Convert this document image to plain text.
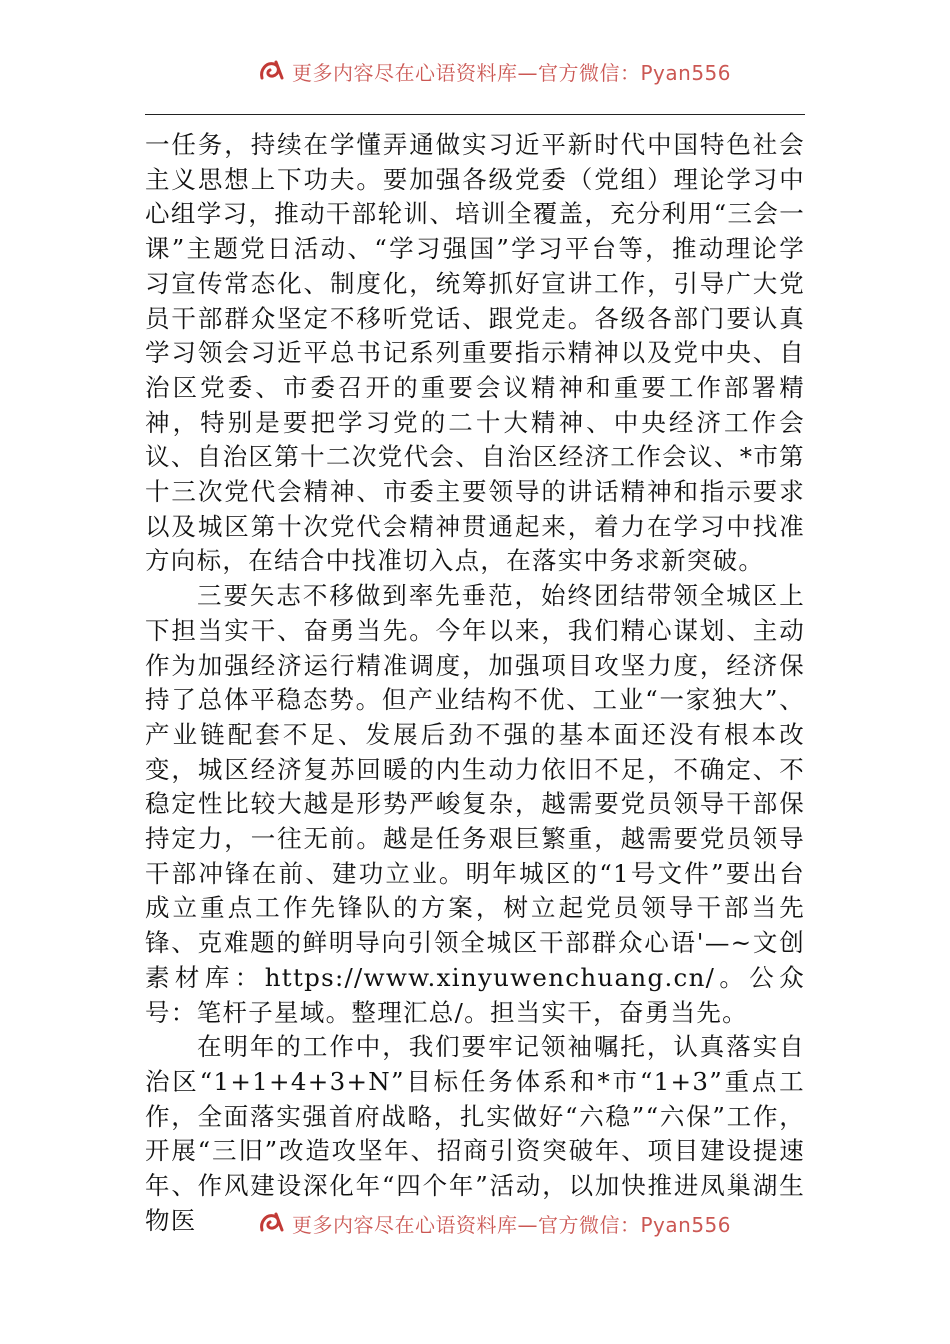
更多内容尽在心语资料库—官方微信：Pyan556

一任务，持续在学懂弄通做实习近平新时代中国特色社会主义思想上下功夫。要加强各级党委（党组）理论学习中心组学习，推动干部轮训、培训全覆盖，充分利用“三会一课”主题党日活动、“学习强国”学习平台等，推动理论学习宣传常态化、制度化，统筹抓好宣讲工作，引导广大党员干部群众坚定不移听党话、跟党走。各级各部门要认真学习领会习近平总书记系列重要指示精神以及党中央、自治区党委、市委召开的重要会议精神和重要工作部署精神，特别是要把学习党的二十大精神、中央经济工作会议、自治区第十二次党代会、自治区经济工作会议、*市第十三次党代会精神、市委主要领导的讲话精神和指示要求以及城区第十次党代会精神贯通起来，着力在学习中找准方向标，在结合中找准切入点，在落实中务求新突破。

三要矢志不移做到率先垂范，始终团结带领全城区上下担当实干、奋勇当先。今年以来，我们精心谋划、主动作为加强经济运行精准调度，加强项目攻坚力度，经济保持了总体平稳态势。但产业结构不优、工业“一家独大”、产业链配套不足、发展后劲不强的基本面还没有根本改变，城区经济复苏回暖的内生动力依旧不足，不确定、不稳定性比较大越是形势严峻复杂，越需要党员领导干部保持定力，一往无前。越是任务艰巨繁重，越需要党员领导干部冲锋在前、建功立业。明年城区的“1号文件”要出台成立重点工作先锋队的方案，树立起党员领导干部当先锋、克难题的鲜明导向引领全城区干部群众心语'—~文创素材库：https://www.xinyuwenchuang.cn/。公众号：笔杆子星域。整理汇总/。担当实干，奋勇当先。

在明年的工作中，我们要牢记领袖嘱托，认真落实自治区“1+1+4+3+N”目标任务体系和*市“1+3”重点工作，全面落实强首府战略，扎实做好“六稳”“六保”工作，开展“三旧”改造攻坚年、招商引资突破年、项目建设提速年、作风建设深化年“四个年”活动，以加快推进凤巢湖生物医	更多内容尽在心语资料库—官方微信：Pyan556
